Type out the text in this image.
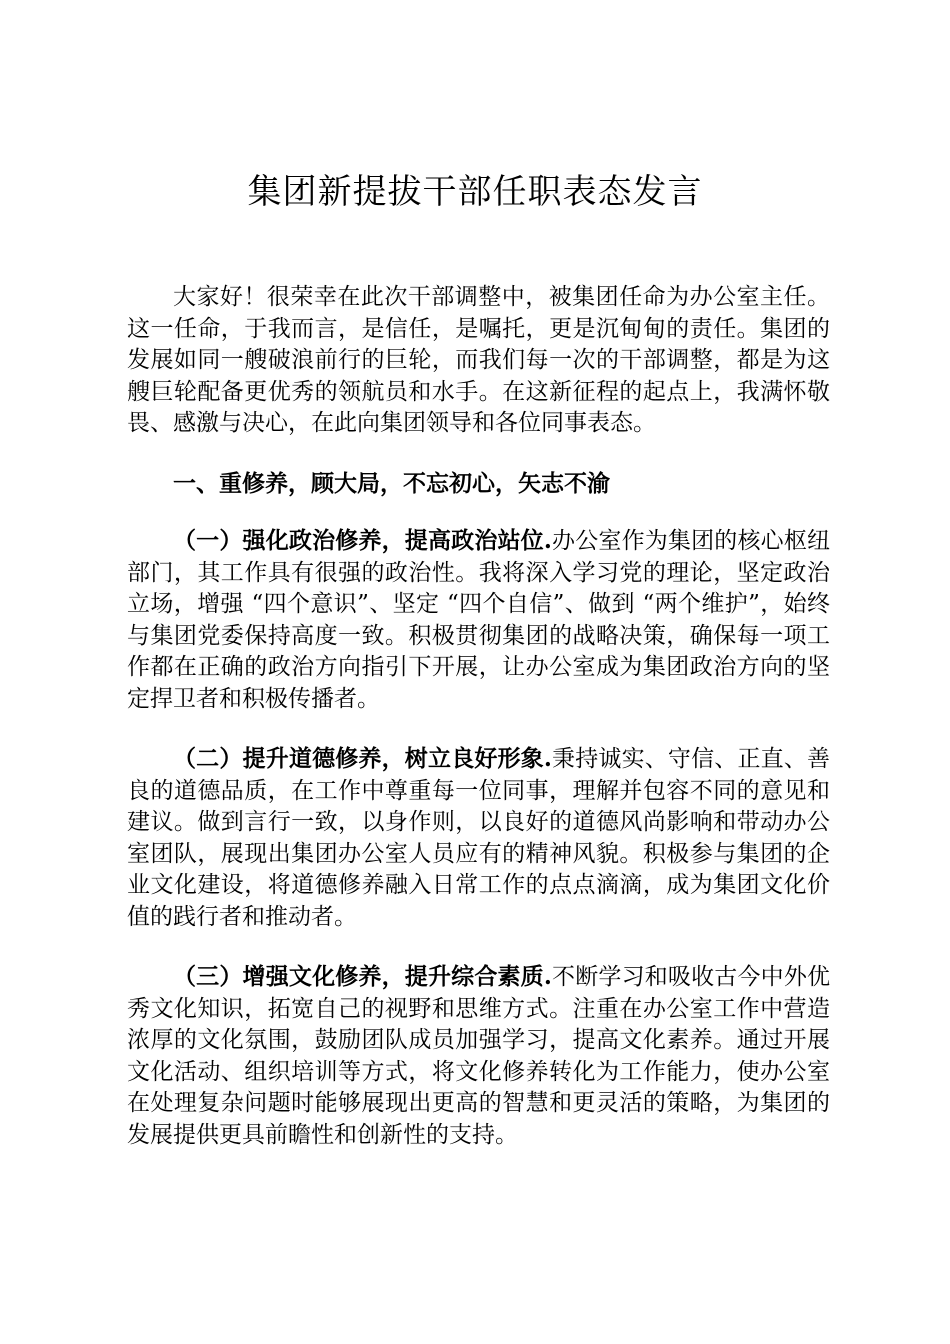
集团新提拔干部任职表态发言

大家好！很荣幸在此次干部调整中，被集团任命为办公室主任。这一任命，于我而言，是信任，是嘱托，更是沉甸甸的责任。集团的发展如同一艘破浪前行的巨轮，而我们每一次的干部调整，都是为这艘巨轮配备更优秀的领航员和水手。在这新征程的起点上，我满怀敬畏、感激与决心，在此向集团领导和各位同事表态。

一、重修养，顾大局，不忘初心，矢志不渝

（一）强化政治修养，提高政治站位.办公室作为集团的核心枢纽部门，其工作具有很强的政治性。我将深入学习党的理论，坚定政治立场，增强 “四个意识”、坚定 “四个自信”、做到 “两个维护”，始终与集团党委保持高度一致。积极贯彻集团的战略决策，确保每一项工作都在正确的政治方向指引下开展，让办公室成为集团政治方向的坚定捍卫者和积极传播者。

（二）提升道德修养，树立良好形象.秉持诚实、守信、正直、善良的道德品质，在工作中尊重每一位同事，理解并包容不同的意见和建议。做到言行一致，以身作则，以良好的道德风尚影响和带动办公室团队，展现出集团办公室人员应有的精神风貌。积极参与集团的企业文化建设，将道德修养融入日常工作的点点滴滴，成为集团文化价值的践行者和推动者。

（三）增强文化修养，提升综合素质.不断学习和吸收古今中外优秀文化知识，拓宽自己的视野和思维方式。注重在办公室工作中营造浓厚的文化氛围，鼓励团队成员加强学习，提高文化素养。通过开展文化活动、组织培训等方式，将文化修养转化为工作能力，使办公室在处理复杂问题时能够展现出更高的智慧和更灵活的策略，为集团的发展提供更具前瞻性和创新性的支持。
